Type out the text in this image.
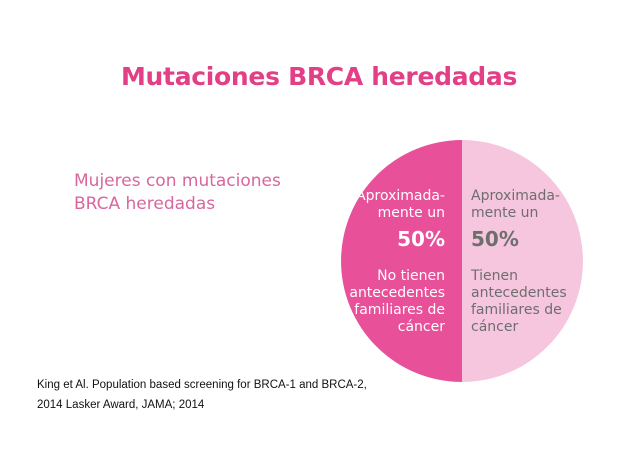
Mutaciones BRCA heredadas
Mujeres con mutaciones
BRCA heredadas	Aproximada-
mente un
50%
No tienen
antecedentes
familiares de
cáncer
Aproximada-
mente un
50%
Tienen
antecedentes
familiares de
cáncer
King et Al. Population based screening for BRCA-1 and BRCA-2,
2014 Lasker Award, JAMA; 2014
